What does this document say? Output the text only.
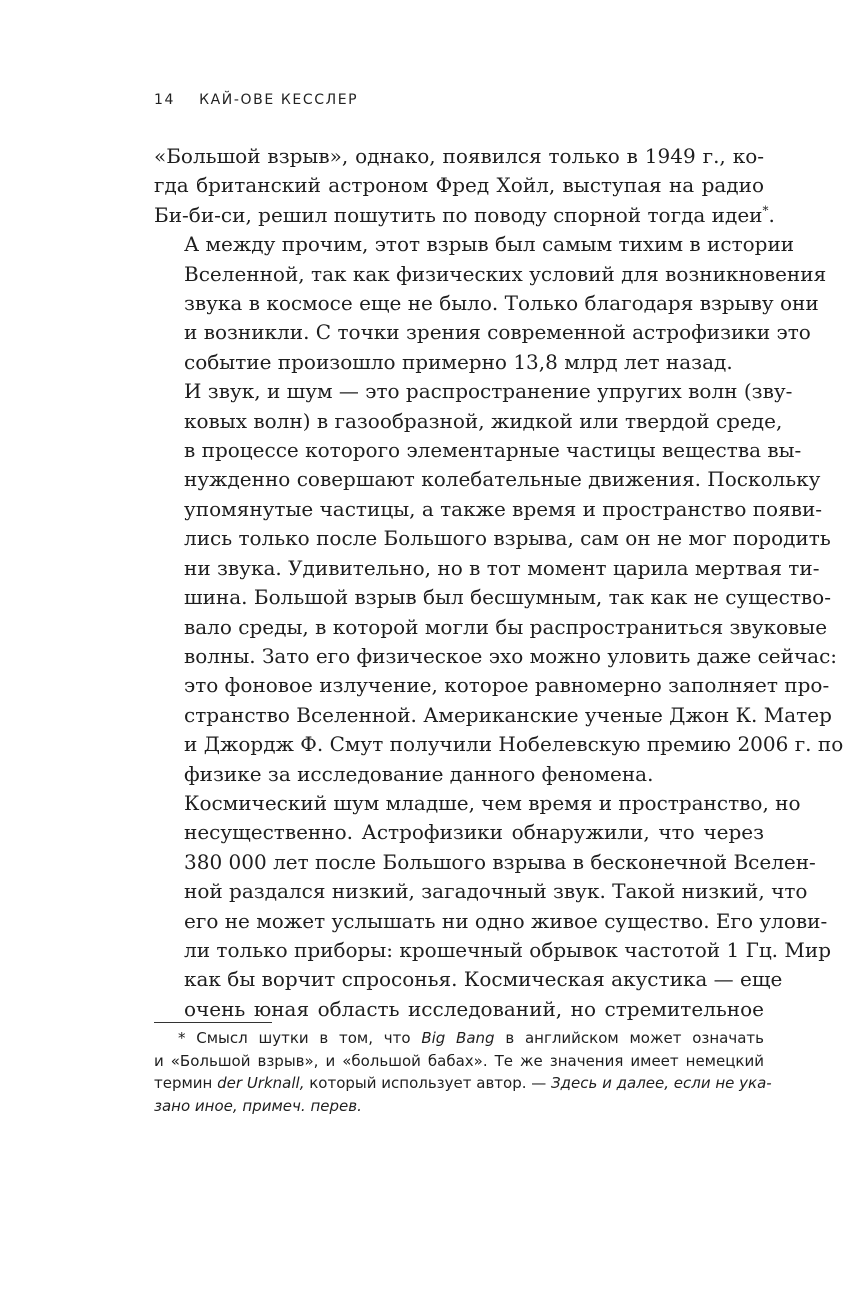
14 КАЙ-ОВЕ КЕССЛЕР

«Большой взрыв», однако, появился только в 1949 г., ко-
гда британский астроном Фред Хойл, выступая на радио
Би-би-си, решил пошутить по поводу спорной тогда идеи*.

А между прочим, этот взрыв был самым тихим в истории
Вселенной, так как физических условий для возникновения
звука в космосе еще не было. Только благодаря взрыву они
и возникли. С точки зрения современной астрофизики это
событие произошло примерно 13,8 млрд лет назад.

И звук, и шум — это распространение упругих волн (зву-
ковых волн) в газообразной, жидкой или твердой среде,
в процессе которого элементарные частицы вещества вы-
нужденно совершают колебательные движения. Поскольку
упомянутые частицы, а также время и пространство появи-
лись только после Большого взрыва, сам он не мог породить
ни звука. Удивительно, но в тот момент царила мертвая ти-
шина. Большой взрыв был бесшумным, так как не существо-
вало среды, в которой могли бы распространиться звуковые
волны. Зато его физическое эхо можно уловить даже сейчас:
это фоновое излучение, которое равномерно заполняет про-
странство Вселенной. Американские ученые Джон К. Матер
и Джордж Ф. Смут получили Нобелевскую премию 2006 г. по
физике за исследование данного феномена.

Космический шум младше, чем время и пространство, но
несущественно. Астрофизики обнаружили, что через
380 000 лет после Большого взрыва в бесконечной Вселен-
ной раздался низкий, загадочный звук. Такой низкий, что
его не может услышать ни одно живое существо. Его улови-
ли только приборы: крошечный обрывок частотой 1 Гц. Мир
как бы ворчит спросонья. Космическая акустика — еще
очень юная область исследований, но стремительное

* Смысл шутки в том, что Big Bang в английском может означать
и «Большой взрыв», и «большой бабах». Те же значения имеет немецкий
термин der Urknall, который использует автор. — Здесь и далее, если не ука-
зано иное, примеч. перев.
